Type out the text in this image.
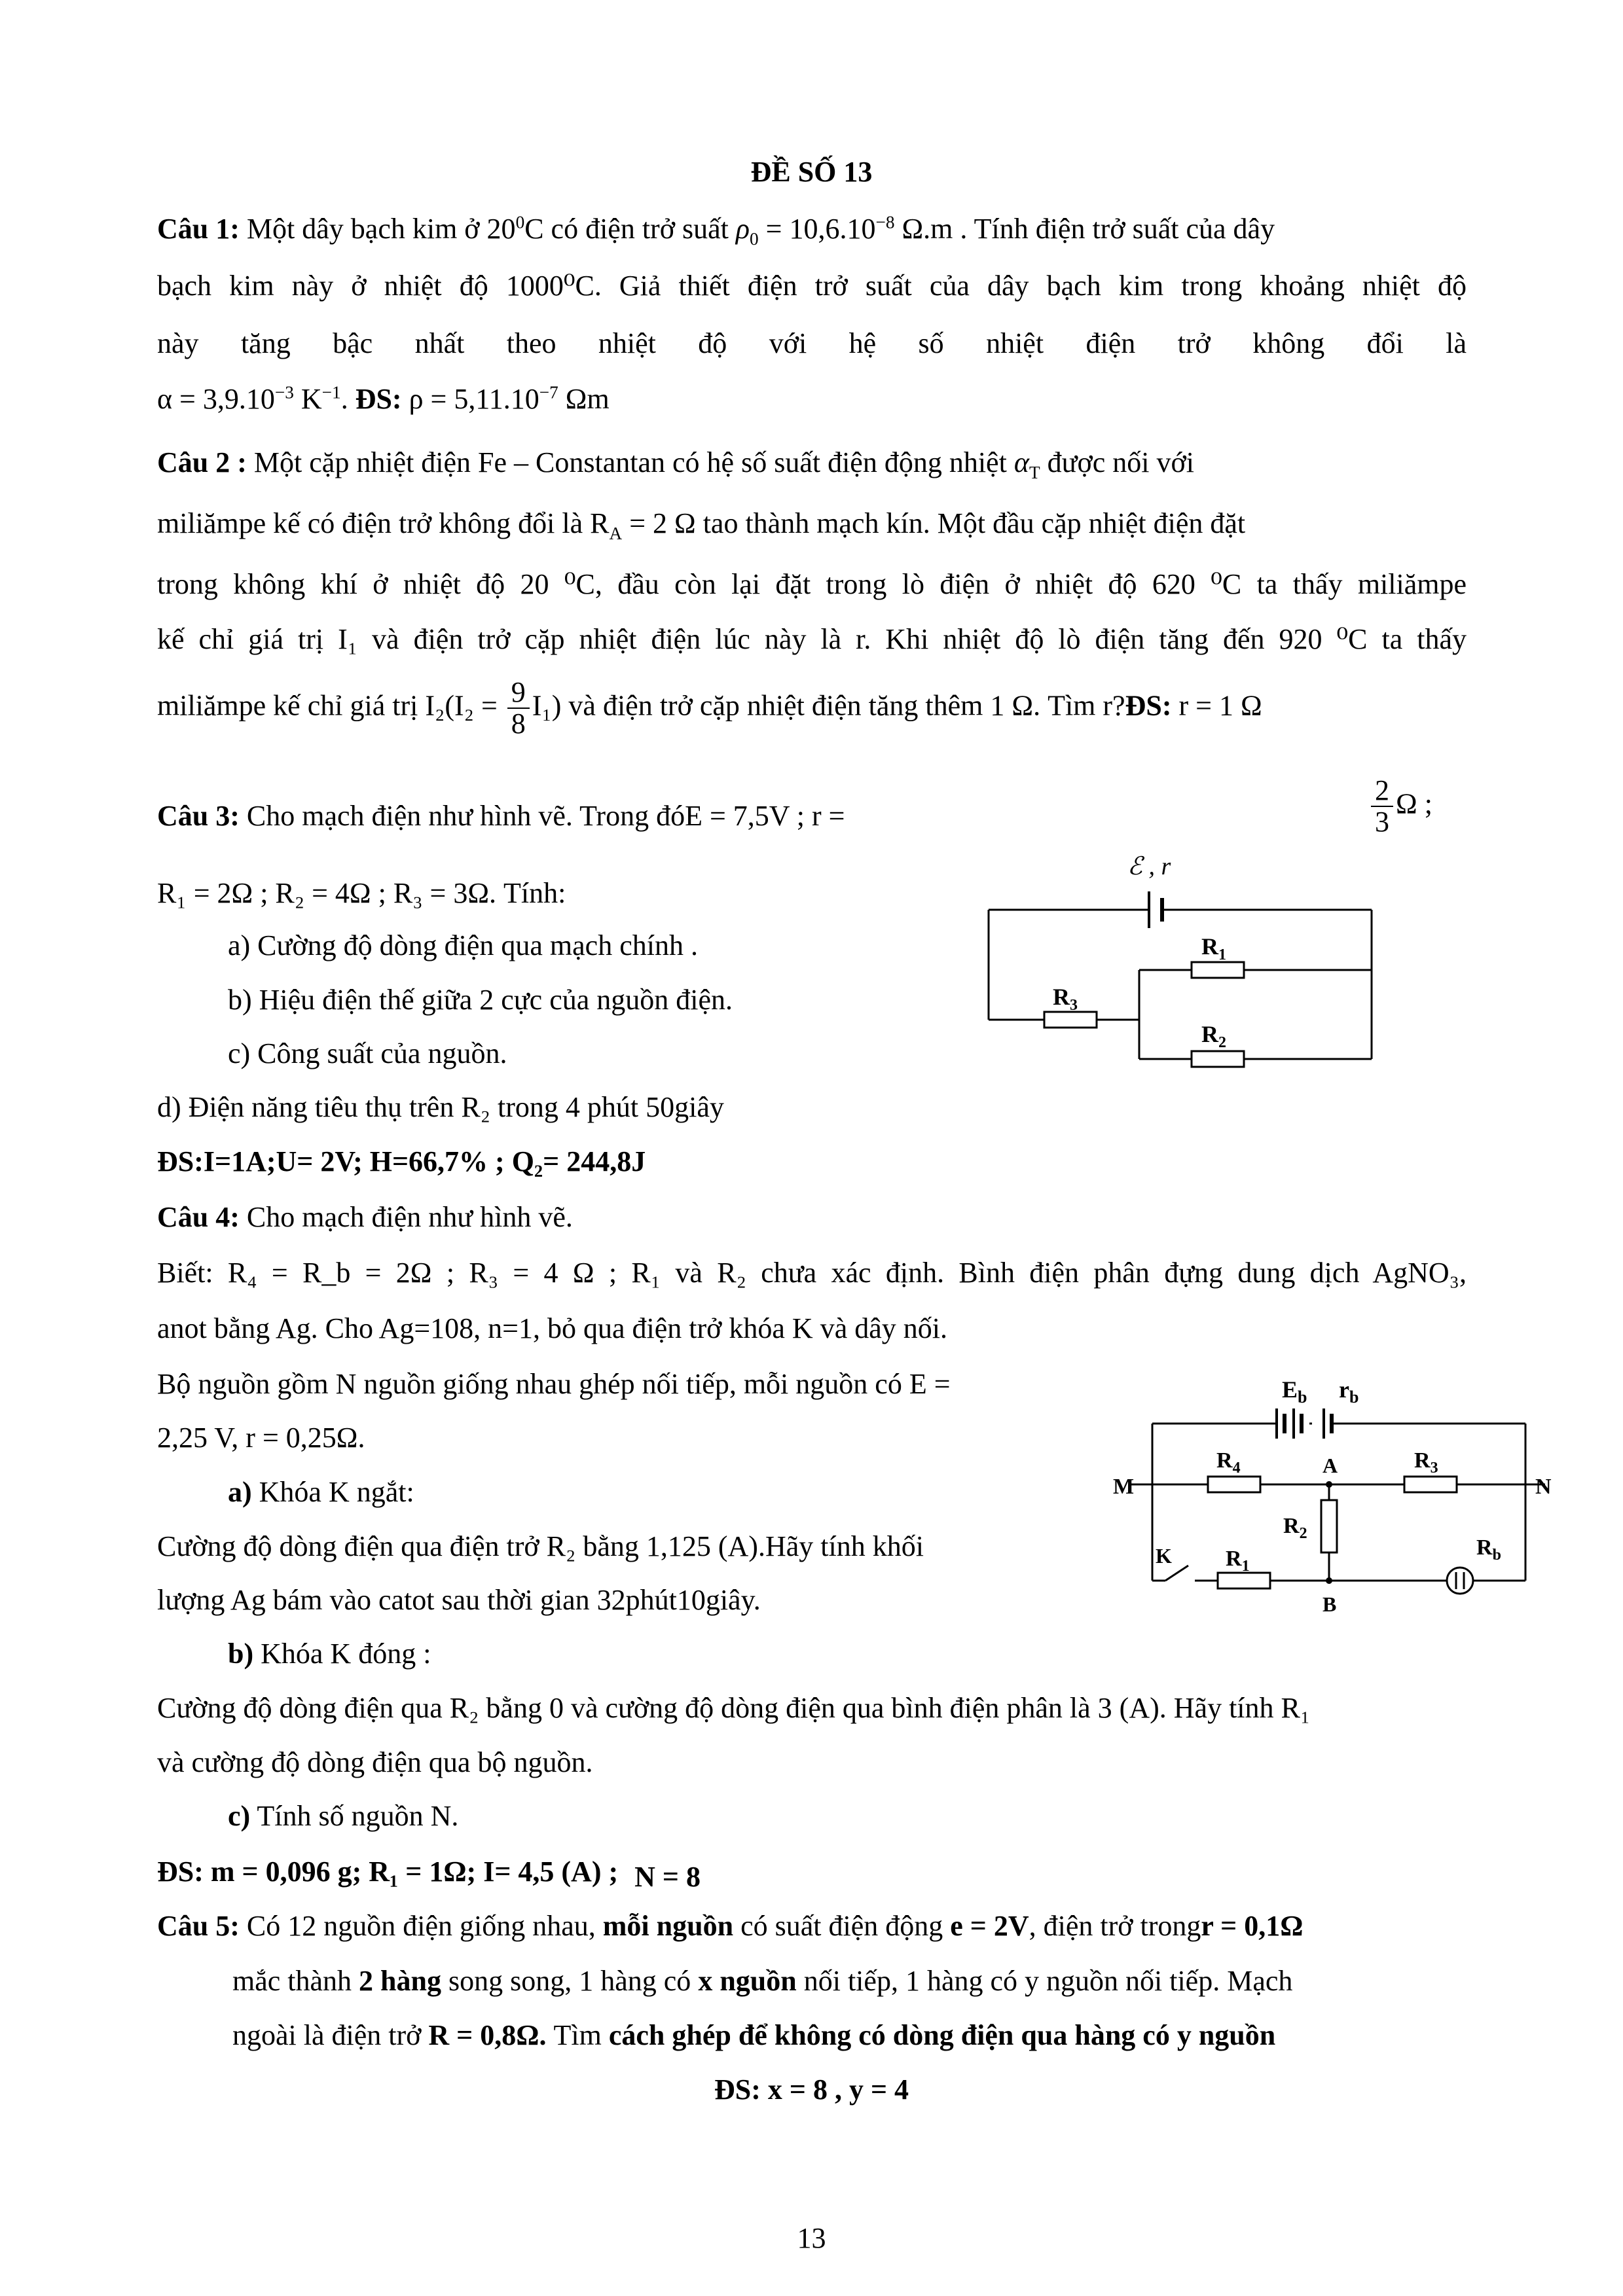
ĐỀ SỐ 13
Câu 1: Một dây bạch kim ở $20^0C$ có điện trở suất $\rho_0 = 10,6.10^{-8}$ Ω.m . Tính điện trở suất của dây
bạch kim này ở nhiệt độ 1000⁰C. Giả thiết điện trở suất của dây bạch kim trong khoảng nhiệt độ
này tăng bậc nhất theo nhiệt độ với hệ số nhiệt điện trở không đổi là
$\alpha = 3,9.10^{-3}$ $K^{-1}$. ĐS: $\rho = 5,11.10^{-7}$ Ωm
Câu 2 : Một cặp nhiệt điện Fe – Constantan có hệ số suất điện động nhiệt $\alpha_T$ được nối với
miliămpe kế có điện trở không đổi là $R_A = 2$ Ω tao thành mạch kín. Một đầu cặp nhiệt điện đặt
trong không khí ở nhiệt độ 20 ⁰C, đầu còn lại đặt trong lò điện ở nhiệt độ 620 ⁰C ta thấy miliămpe
kế chỉ giá trị I₁ và điện trở cặp nhiệt điện lúc này là r. Khi nhiệt độ lò điện tăng đến 920 ⁰C ta thấy
miliămpe kế chỉ giá trị $I_2(I_2 = \frac{9}{8} I_1)$ và điện trở cặp nhiệt điện tăng thêm 1 Ω. Tìm r?ĐS: r = 1 Ω
Câu 3: Cho mạch điện như hình vẽ. Trong đóE = 7,5V ; r =	$\frac{2}{3}$ Ω ;
R₁ = 2Ω ; R₂ = 4Ω ; R₃ = 3Ω. Tính:
a) Cường độ dòng điện qua mạch chính .
b) Hiệu điện thế giữa 2 cực của nguồn điện.
c) Công suất của nguồn.
d) Điện năng tiêu thụ trên R₂ trong 4 phút 50giây
ĐS:I=1A;U= 2V; H=66,7% ; Q₂= 244,8J
ℰ , r
$R_1$
$R_3$
$R_2$
Câu 4: Cho mạch điện như hình vẽ.
Biết: R₄ = R_b = 2Ω ; R₃ = 4 Ω ; R₁ và R₂ chưa xác định. Bình điện phân đựng dung dịch AgNO₃,
anot bằng Ag. Cho Ag=108, n=1, bỏ qua điện trở khóa K và dây nối.
Bộ nguồn gồm N nguồn giống nhau ghép nối tiếp, mỗi nguồn có E =
2,25 V, r = 0,25Ω.
a) Khóa K ngắt:
Cường độ dòng điện qua điện trở R₂ bằng 1,125 (A).Hãy tính khối
lượng Ag bám vào catot sau thời gian 32phút10giây.
b) Khóa K đóng :
Cường độ dòng điện qua R₂ bằng 0 và cường độ dòng điện qua bình điện phân là 3 (A). Hãy tính R₁
và cường độ dòng điện qua bộ nguồn.
c) Tính số nguồn N.
ĐS: m = 0,096 g; R₁ = 1Ω; I= 4,5 (A) ; N = 8
$E_b$ $r_b$
M	N
A
B
K
$R_4$	$R_3$
$R_2$
$R_1$
$R_b$
Câu 5: Có 12 nguồn điện giống nhau, mỗi nguồn có suất điện động e = 2V, điện trở trongr = 0,1Ω
mắc thành 2 hàng song song, 1 hàng có x nguồn nối tiếp, 1 hàng có y nguồn nối tiếp. Mạch
ngoài là điện trở R = 0,8Ω. Tìm cách ghép để không có dòng điện qua hàng có y nguồn
ĐS: x = 8 , y = 4
13
